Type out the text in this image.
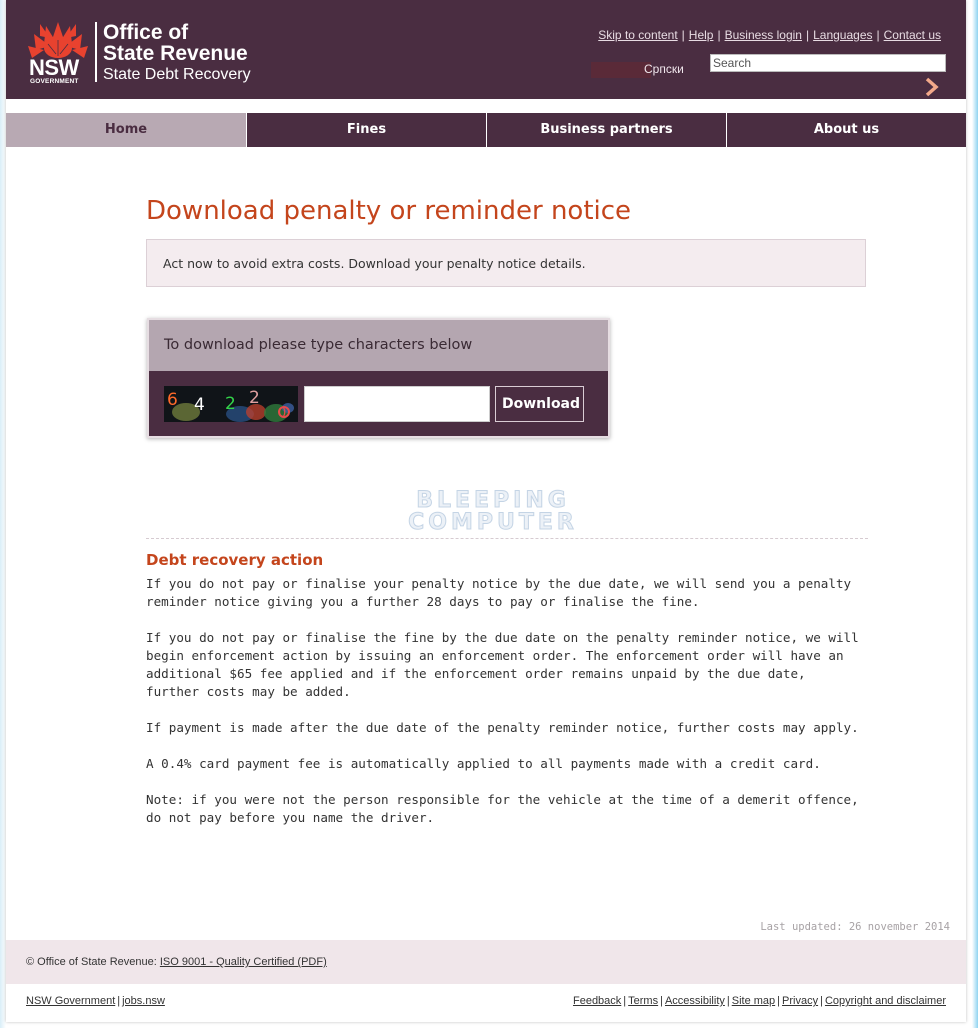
NSW
GOVERNMENT
Office of
State Revenue
State Debt Recovery
Skip to content | Help | Business login | Languages | Contact us
Српски
Search
Home	Fines	Business partners	About us
Download penalty or reminder notice
Act now to avoid extra costs. Download your penalty notice details.
To download please type characters below
6 4 2 2
0
Download
BLEEPING
COMPUTER
Debt recovery action

If you do not pay or finalise your penalty notice by the due date, we will send you a penalty reminder notice giving you a further 28 days to pay or finalise the fine.

If you do not pay or finalise the fine by the due date on the penalty reminder notice, we will begin enforcement action by issuing an enforcement order. The enforcement order will have an additional $65 fee applied and if the enforcement order remains unpaid by the due date, further costs may be added.

If payment is made after the due date of the penalty reminder notice, further costs may apply.

A 0.4% card payment fee is automatically applied to all payments made with a credit card.

Note: if you were not the person responsible for the vehicle at the time of a demerit offence, do not pay before you name the driver.

Last updated: 26 november 2014
© Office of State Revenue: ISO 9001 - Quality Certified (PDF)
NSW Government | jobs.nsw	Feedback | Terms | Accessibility | Site map | Privacy | Copyright and disclaimer
